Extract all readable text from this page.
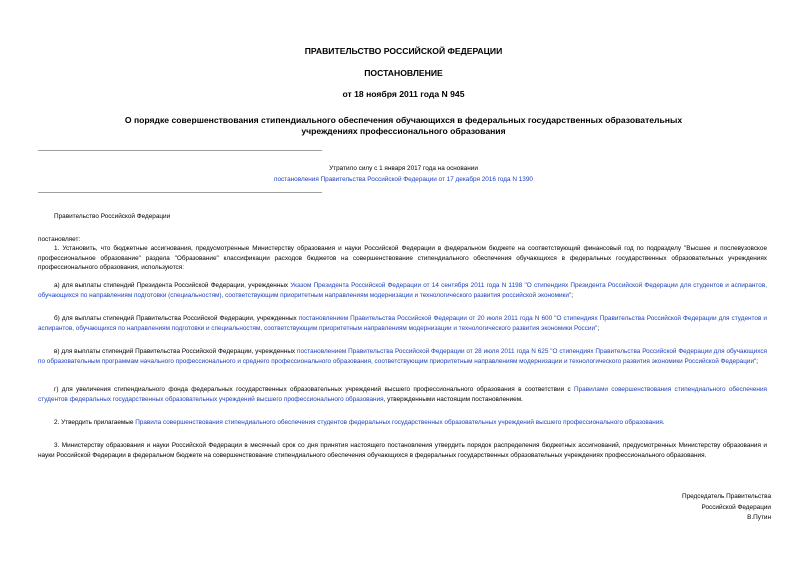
ПРАВИТЕЛЬСТВО РОССИЙСКОЙ ФЕДЕРАЦИИ
ПОСТАНОВЛЕНИЕ
от 18 ноября 2011 года N 945
О порядке совершенствования стипендиального обеспечения обучающихся в федеральных государственных образовательных учреждениях профессионального образования
Утратило силу с 1 января 2017 года на основании
постановления Правительства Российской Федерации от 17 декабря 2016 года N 1390
Правительство Российской Федерации
постановляет:
1. Установить, что бюджетные ассигнования, предусмотренные Министерству образования и науки Российской Федерации в федеральном бюджете на соответствующий финансовый год по подразделу "Высшее и послевузовское профессиональное образование" раздела "Образование" классификации расходов бюджетов на совершенствование стипендиального обеспечения обучающихся в федеральных государственных образовательных учреждениях профессионального образования, используются:
а) для выплаты стипендий Президента Российской Федерации, учрежденных Указом Президента Российской Федерации от 14 сентября 2011 года N 1198 "О стипендиях Президента Российской Федерации для студентов и аспирантов, обучающихся по направлениям подготовки (специальностям), соответствующим приоритетным направлениям модернизации и технологического развития российской экономики";
б) для выплаты стипендий Правительства Российской Федерации, учрежденных постановлением Правительства Российской Федерации от 20 июля 2011 года N 600 "О стипендиях Правительства Российской Федерации для студентов и аспирантов, обучающихся по направлениям подготовки и специальностям, соответствующим приоритетным направлениям модернизации и технологического развития экономики России";
в) для выплаты стипендий Правительства Российской Федерации, учрежденных постановлением Правительства Российской Федерации от 28 июля 2011 года N 625 "О стипендиях Правительства Российской Федерации для обучающихся по образовательным программам начального профессионального и среднего профессионального образования, соответствующим приоритетным направлениям модернизации и технологического развития экономики Российской Федерации";
г) для увеличения стипендиального фонда федеральных государственных образовательных учреждений высшего профессионального образования в соответствии с Правилами совершенствования стипендиального обеспечения студентов федеральных государственных образовательных учреждений высшего профессионального образования, утвержденными настоящим постановлением.
2. Утвердить прилагаемые Правила совершенствования стипендиального обеспечения студентов федеральных государственных образовательных учреждений высшего профессионального образования.
3. Министерству образования и науки Российской Федерации в месячный срок со дня принятия настоящего постановления утвердить порядок распределения бюджетных ассигнований, предусмотренных Министерству образования и науки Российской Федерации в федеральном бюджете на совершенствование стипендиального обеспечения обучающихся в федеральных государственных образовательных учреждениях профессионального образования.
Председатель Правительства
Российской Федерации
В.Путин
